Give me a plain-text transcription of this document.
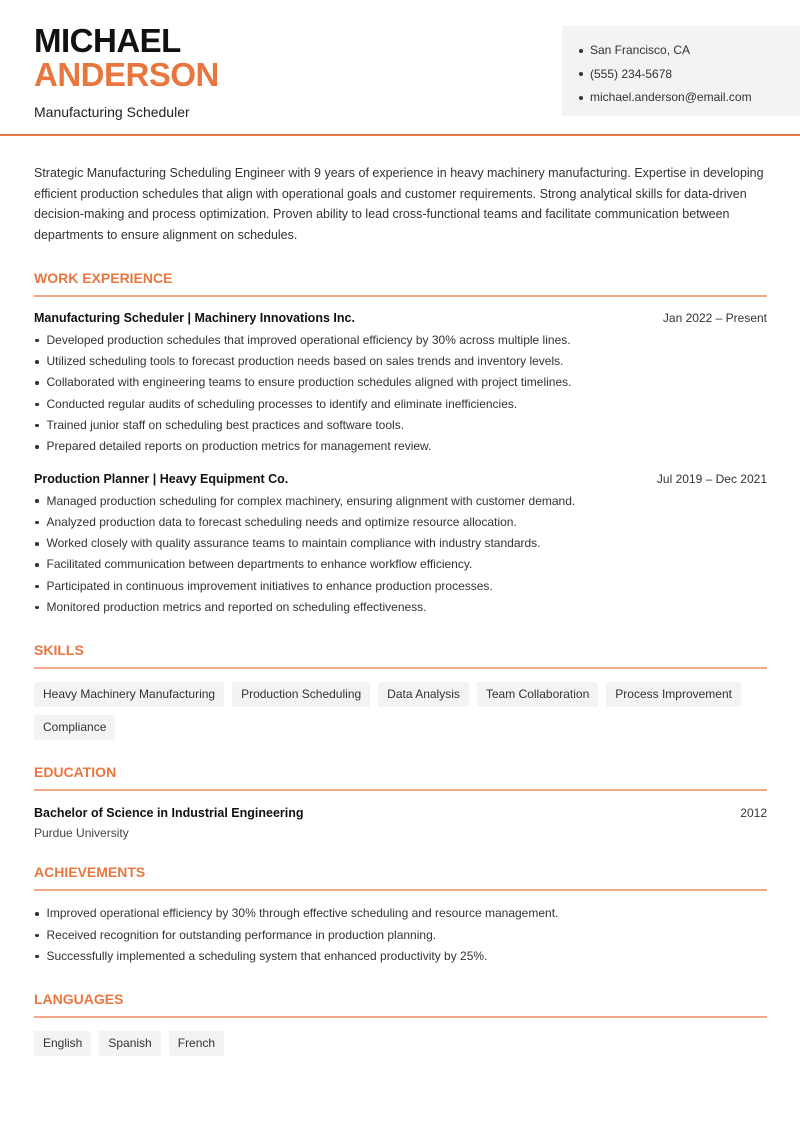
MICHAEL
ANDERSON
Manufacturing Scheduler
San Francisco, CA
(555) 234-5678
michael.anderson@email.com

Strategic Manufacturing Scheduling Engineer with 9 years of experience in heavy machinery manufacturing. Expertise in developing efficient production schedules that align with operational goals and customer requirements. Strong analytical skills for data-driven decision-making and process optimization. Proven ability to lead cross-functional teams and facilitate communication between departments to ensure alignment on schedules.

WORK EXPERIENCE
Manufacturing Scheduler | Machinery Innovations Inc.	Jan 2022 – Present
Developed production schedules that improved operational efficiency by 30% across multiple lines.
Utilized scheduling tools to forecast production needs based on sales trends and inventory levels.
Collaborated with engineering teams to ensure production schedules aligned with project timelines.
Conducted regular audits of scheduling processes to identify and eliminate inefficiencies.
Trained junior staff on scheduling best practices and software tools.
Prepared detailed reports on production metrics for management review.
Production Planner | Heavy Equipment Co.	Jul 2019 – Dec 2021
Managed production scheduling for complex machinery, ensuring alignment with customer demand.
Analyzed production data to forecast scheduling needs and optimize resource allocation.
Worked closely with quality assurance teams to maintain compliance with industry standards.
Facilitated communication between departments to enhance workflow efficiency.
Participated in continuous improvement initiatives to enhance production processes.
Monitored production metrics and reported on scheduling effectiveness.
SKILLS
Heavy Machinery Manufacturing	Production Scheduling	Data Analysis	Team Collaboration	Process Improvement
Compliance
EDUCATION
Bachelor of Science in Industrial Engineering	2012
Purdue University
ACHIEVEMENTS
Improved operational efficiency by 30% through effective scheduling and resource management.
Received recognition for outstanding performance in production planning.
Successfully implemented a scheduling system that enhanced productivity by 25%.
LANGUAGES
English	Spanish	French
